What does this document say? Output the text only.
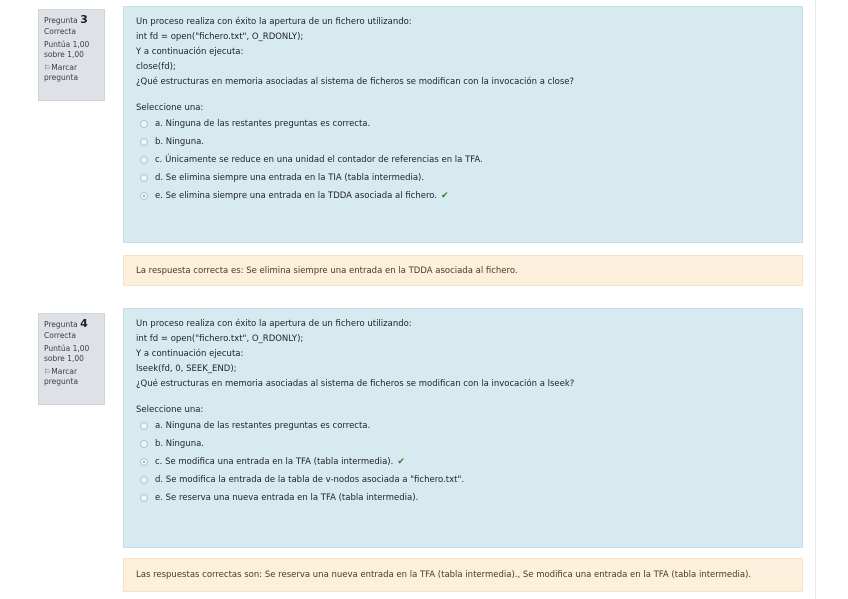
Pregunta 3
Correcta
Puntúa 1,00 sobre 1,00
⚐Marcar pregunta
Un proceso realiza con éxito la apertura de un fichero utilizando:
int fd = open("fichero.txt", O_RDONLY);
Y a continuación ejecuta:
close(fd);
¿Qué estructuras en memoria asociadas al sistema de ficheros se modifican con la invocación a close?
Seleccione una:
a. Ninguna de las restantes preguntas es correcta.
b. Ninguna.
c. Únicamente se reduce en una unidad el contador de referencias en la TFA.
d. Se elimina siempre una entrada en la TIA (tabla intermedia).
e. Se elimina siempre una entrada en la TDDA asociada al fichero. ✔
La respuesta correcta es: Se elimina siempre una entrada en la TDDA asociada al fichero.
Pregunta 4
Correcta
Puntúa 1,00 sobre 1,00
⚐Marcar pregunta
Un proceso realiza con éxito la apertura de un fichero utilizando:
int fd = open("fichero.txt", O_RDONLY);
Y a continuación ejecuta:
lseek(fd, 0, SEEK_END);
¿Qué estructuras en memoria asociadas al sistema de ficheros se modifican con la invocación a lseek?
Seleccione una:
a. Ninguna de las restantes preguntas es correcta.
b. Ninguna.
c. Se modifica una entrada en la TFA (tabla intermedia). ✔
d. Se modifica la entrada de la tabla de v-nodos asociada a "fichero.txt".
e. Se reserva una nueva entrada en la TFA (tabla intermedia).
Las respuestas correctas son: Se reserva una nueva entrada en la TFA (tabla intermedia)., Se modifica una entrada en la TFA (tabla intermedia).
